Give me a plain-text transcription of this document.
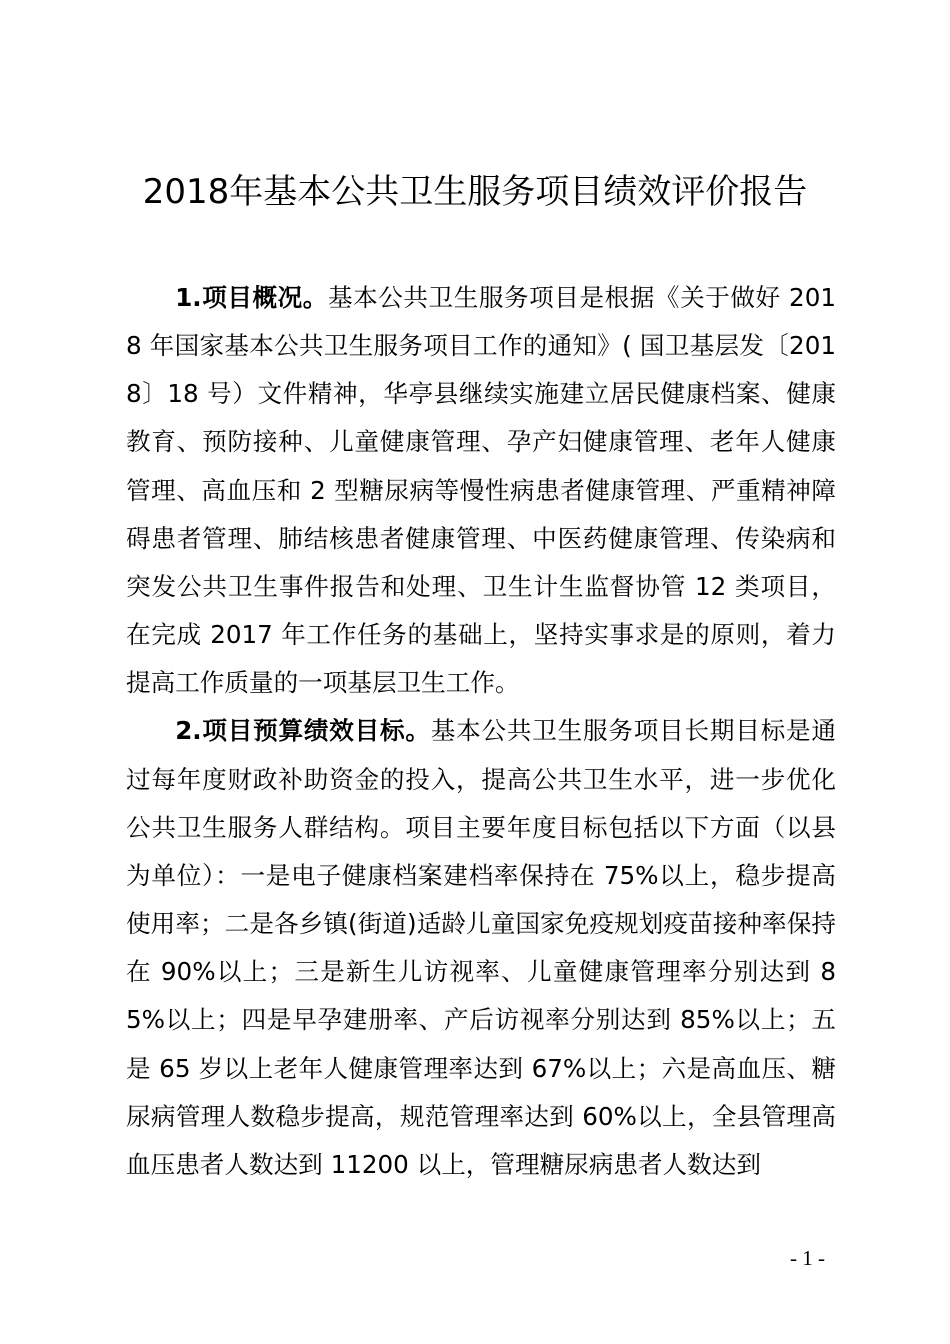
2018年基本公共卫生服务项目绩效评价报告

1.项目概况。基本公共卫生服务项目是根据《关于做好 2018 年国家基本公共卫生服务项目工作的通知》( 国卫基层发〔2018〕18 号）文件精神，华亭县继续实施建立居民健康档案、健康教育、预防接种、儿童健康管理、孕产妇健康管理、老年人健康管理、高血压和 2 型糖尿病等慢性病患者健康管理、严重精神障碍患者管理、肺结核患者健康管理、中医药健康管理、传染病和突发公共卫生事件报告和处理、卫生计生监督协管 12 类项目，在完成 2017 年工作任务的基础上，坚持实事求是的原则，着力提高工作质量的一项基层卫生工作。

2.项目预算绩效目标。基本公共卫生服务项目长期目标是通过每年度财政补助资金的投入，提高公共卫生水平，进一步优化公共卫生服务人群结构。项目主要年度目标包括以下方面（以县为单位）：一是电子健康档案建档率保持在 75%以上，稳步提高使用率；二是各乡镇(街道)适龄儿童国家免疫规划疫苗接种率保持在 90%以上；三是新生儿访视率、儿童健康管理率分别达到 85%以上；四是早孕建册率、产后访视率分别达到 85%以上；五是 65 岁以上老年人健康管理率达到 67%以上；六是高血压、糖尿病管理人数稳步提高，规范管理率达到 60%以上，全县管理高血压患者人数达到 11200 以上，管理糖尿病患者人数达到

- 1 -
